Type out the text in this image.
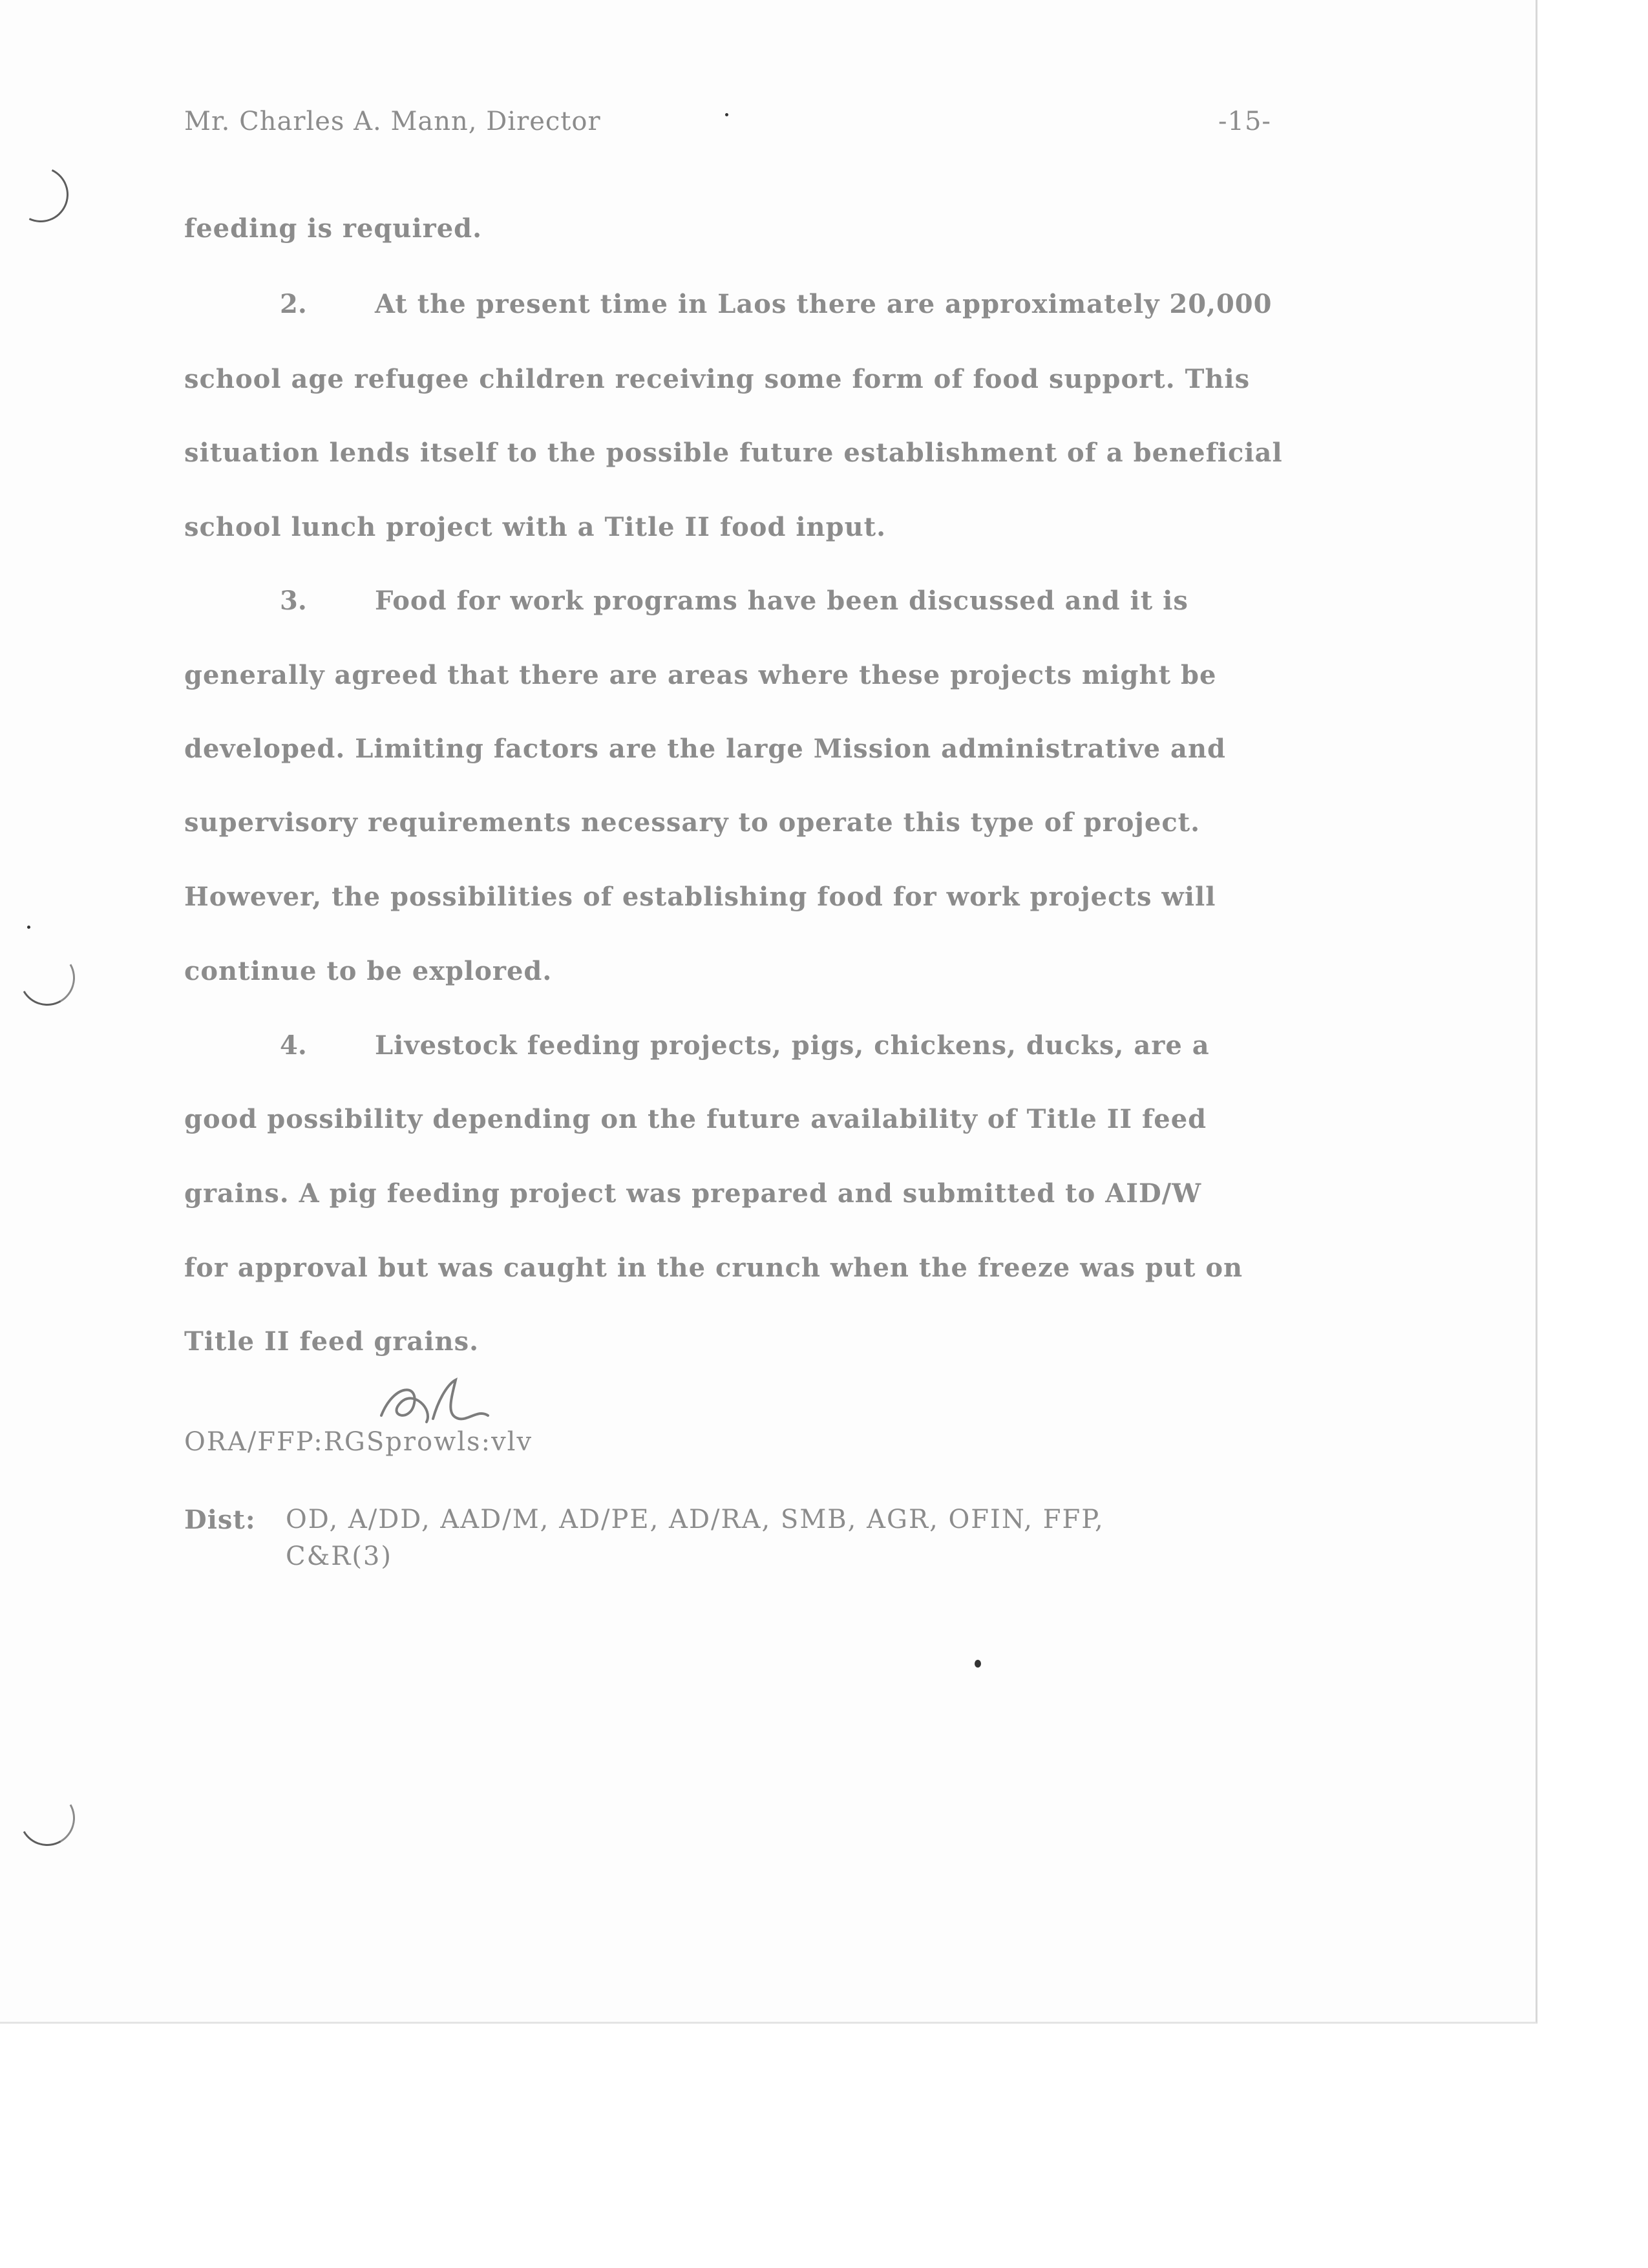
Mr. Charles A. Mann, Director	-15-
feeding is required.
2.	At the present time in Laos there are approximately 20,000
school age refugee children receiving some form of food support. This
situation lends itself to the possible future establishment of a beneficial
school lunch project with a Title II food input.
3.	Food for work programs have been discussed and it is
generally agreed that there are areas where these projects might be
developed. Limiting factors are the large Mission administrative and
supervisory requirements necessary to operate this type of project.
However, the possibilities of establishing food for work projects will
continue to be explored.
4.	Livestock feeding projects, pigs, chickens, ducks, are a
good possibility depending on the future availability of Title II feed
grains. A pig feeding project was prepared and submitted to AID/W
for approval but was caught in the crunch when the freeze was put on
Title II feed grains.
ORA/FFP:RGSprowls:vlv
Dist: OD, A/DD, AAD/M, AD/PE, AD/RA, SMB, AGR, OFIN, FFP,
C&R(3)
